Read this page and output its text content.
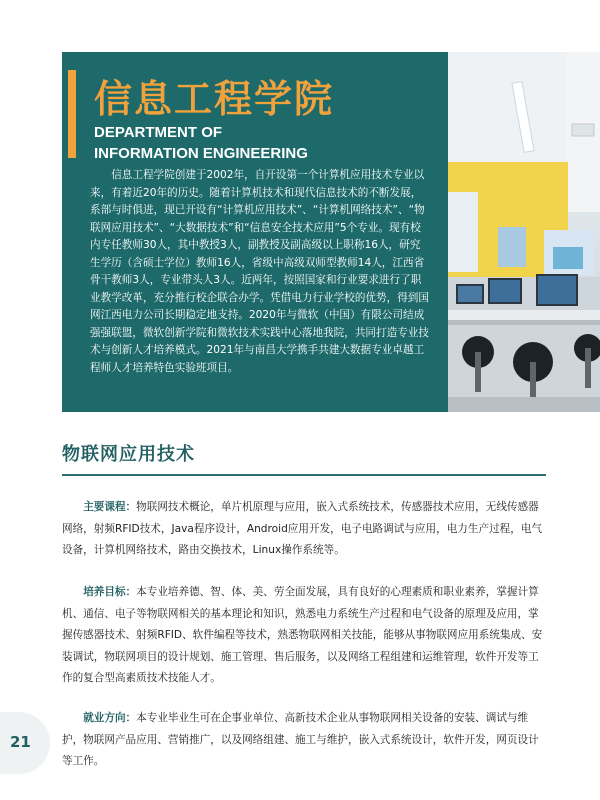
信息工程学院
DEPARTMENT OF
INFORMATION ENGINEERING
信息工程学院创建于2002年，自开设第一个计算机应用技术专业以来，有着近20年的历史。随着计算机技术和现代信息技术的不断发展，系部与时俱进，现已开设有“计算机应用技术”、“计算机网络技术”、“物联网应用技术”、“大数据技术”和“信息安全技术应用”5个专业。现有校内专任教师30人，其中教授3人，副教授及副高级以上职称16人，研究生学历（含硕士学位）教师16人，省级中高级双师型教师14人，江西省骨干教师3人，专业带头人3人。近两年，按照国家和行业要求进行了职业教学改革，充分推行校企联合办学。凭借电力行业学校的优势，得到国网江西电力公司长期稳定地支持。2020年与微软（中国）有限公司结成强强联盟，微软创新学院和微软技术实践中心落地我院，共同打造专业技术与创新人才培养模式。2021年与南昌大学携手共建大数据专业卓越工程师人才培养特色实验班项目。
物联网应用技术
主要课程：物联网技术概论，单片机原理与应用，嵌入式系统技术，传感器技术应用，无线传感器网络，射频RFID技术，Java程序设计，Android应用开发，电子电路调试与应用，电力生产过程，电气设备，计算机网络技术，路由交换技术，Linux操作系统等。
培养目标：本专业培养德、智、体、美、劳全面发展，具有良好的心理素质和职业素养，掌握计算机、通信、电子等物联网相关的基本理论和知识，熟悉电力系统生产过程和电气设备的原理及应用，掌握传感器技术、射频RFID、软件编程等技术，熟悉物联网相关技能，能够从事物联网应用系统集成、安装调试，物联网项目的设计规划、施工管理、售后服务，以及网络工程组建和运维管理，软件开发等工作的复合型高素质技术技能人才。
就业方向：本专业毕业生可在企事业单位、高新技术企业从事物联网相关设备的安装、调试与维护，物联网产品应用、营销推广，以及网络组建、施工与维护，嵌入式系统设计，软件开发，网页设计等工作。
21
